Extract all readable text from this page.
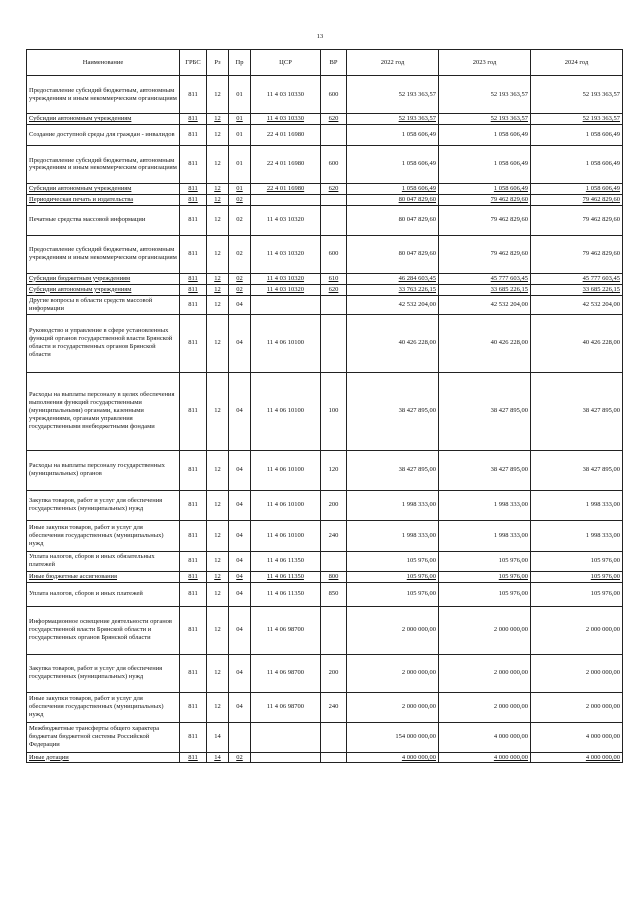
13
Наименование	ГРБС	Рз	Пр	ЦСР	ВР	2022 год	2023 год	2024 год
Предоставление субсидий бюджетным, автономным учреждениям и иным некоммерческим организациям	811	12	01	11 4 03 10330	600	52 193 363,57	52 193 363,57	52 193 363,57
Субсидии автономным учреждениям	811	12	01	11 4 03 10330	620	52 193 363,57	52 193 363,57	52 193 363,57
Создание доступной среды для граждан - инвалидов	811	12	01	22 4 01 16980		1 058 606,49	1 058 606,49	1 058 606,49
Предоставление субсидий бюджетным, автономным учреждениям и иным некоммерческим организациям	811	12	01	22 4 01 16980	600	1 058 606,49	1 058 606,49	1 058 606,49
Субсидии автономным учреждениям	811	12	01	22 4 01 16980	620	1 058 606,49	1 058 606,49	1 058 606,49
Периодическая печать и издательства	811	12	02			80 047 829,60	79 462 829,60	79 462 829,60
Печатные средства массовой информации	811	12	02	11 4 03 10320		80 047 829,60	79 462 829,60	79 462 829,60
Предоставление субсидий бюджетным, автономным учреждениям и иным некоммерческим организациям	811	12	02	11 4 03 10320	600	80 047 829,60	79 462 829,60	79 462 829,60
Субсидии бюджетным учреждениям	811	12	02	11 4 03 10320	610	46 284 603,45	45 777 603,45	45 777 603,45
Субсидии автономным учреждениям	811	12	02	11 4 03 10320	620	33 763 226,15	33 685 226,15	33 685 226,15
Другие вопросы в области средств массовой информации	811	12	04			42 532 204,00	42 532 204,00	42 532 204,00
Руководство и управление в сфере установленных функций органов государственной власти Брянской области и государственных органов Брянской области	811	12	04	11 4 06 10100		40 426 228,00	40 426 228,00	40 426 228,00
Расходы на выплаты персоналу в целях обеспечения выполнения функций государственными (муниципальными) органами, казенными учреждениями, органами управления государственными внебюджетными фондами	811	12	04	11 4 06 10100	100	38 427 895,00	38 427 895,00	38 427 895,00
Расходы на выплаты персоналу государственных (муниципальных) органов	811	12	04	11 4 06 10100	120	38 427 895,00	38 427 895,00	38 427 895,00
Закупка товаров, работ и услуг для обеспечения государственных (муниципальных) нужд	811	12	04	11 4 06 10100	200	1 998 333,00	1 998 333,00	1 998 333,00
Иные закупки товаров, работ и услуг для обеспечения государственных (муниципальных) нужд	811	12	04	11 4 06 10100	240	1 998 333,00	1 998 333,00	1 998 333,00
Уплата налогов, сборов и иных обязательных платежей	811	12	04	11 4 06 11350		105 976,00	105 976,00	105 976,00
Иные бюджетные ассигнования	811	12	04	11 4 06 11350	800	105 976,00	105 976,00	105 976,00
Уплата налогов, сборов и иных платежей	811	12	04	11 4 06 11350	850	105 976,00	105 976,00	105 976,00
Информационное освещение деятельности органов государственной власти Брянской области и государственных органов Брянской области	811	12	04	11 4 06 98700		2 000 000,00	2 000 000,00	2 000 000,00
Закупка товаров, работ и услуг для обеспечения государственных (муниципальных) нужд	811	12	04	11 4 06 98700	200	2 000 000,00	2 000 000,00	2 000 000,00
Иные закупки товаров, работ и услуг для обеспечения государственных (муниципальных) нужд	811	12	04	11 4 06 98700	240	2 000 000,00	2 000 000,00	2 000 000,00
Межбюджетные трансферты общего характера бюджетам бюджетной системы Российской Федерации	811	14				154 000 000,00	4 000 000,00	4 000 000,00
Иные дотации	811	14	02			4 000 000,00	4 000 000,00	4 000 000,00
